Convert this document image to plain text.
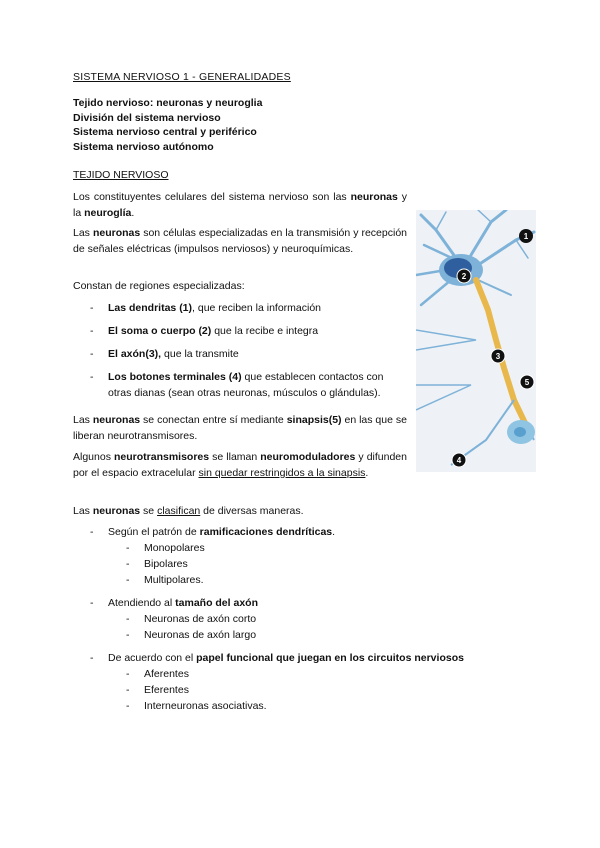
SISTEMA NERVIOSO 1 - GENERALIDADES
Tejido nervioso: neuronas y neuroglia
División del sistema nervioso
Sistema nervioso central y periférico
Sistema nervioso autónomo
TEJIDO NERVIOSO

Los constituyentes celulares del sistema nervioso son las neuronas y la neuroglía.

Las neuronas son células especializadas en la transmisión y recepción de señales eléctricas (impulsos nerviosos) y neuroquímicas.

Constan de regiones especializadas:

- Las dendritas (1), que reciben la información
- El soma o cuerpo (2) que la recibe e integra
- El axón(3), que la transmite
- Los botones terminales (4) que establecen contactos con otras dianas (sean otras neuronas, músculos o glándulas).

Las neuronas se conectan entre sí mediante sinapsis(5) en las que se liberan neurotransmisores.

Algunos neurotransmisores se llaman neuromoduladores y difunden por el espacio extracelular sin quedar restringidos a la sinapsis.

Las neuronas se clasifican de diversas maneras.

- Según el patrón de ramificaciones dendríticas.
- Monopolares
- Bipolares
- Multipolares.
- Atendiendo al tamaño del axón
- Neuronas de axón corto
- Neuronas de axón largo
- De acuerdo con el papel funcional que juegan en los circuitos nerviosos
- Aferentes
- Eferentes
- Interneuronas asociativas.
1
2
3
5
4
